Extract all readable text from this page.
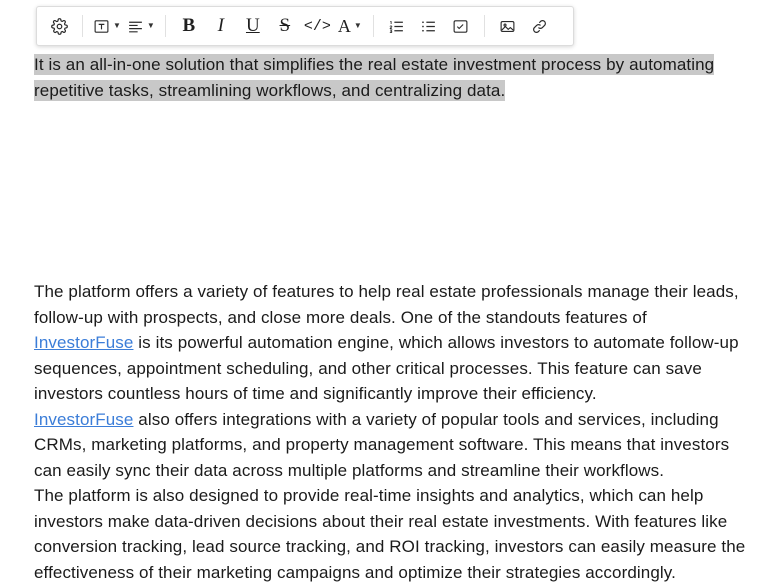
▼	▼ B I U S </> A ▼
It is an all-in-one solution that simplifies the real estate investment process by automating repetitive tasks, streamlining workflows, and centralizing data.

The platform offers a variety of features to help real estate professionals manage their leads, follow-up with prospects, and close more deals. One of the standouts features of InvestorFuse is its powerful automation engine, which allows investors to automate follow-up sequences, appointment scheduling, and other critical processes. This feature can save investors countless hours of time and significantly improve their efficiency.

InvestorFuse also offers integrations with a variety of popular tools and services, including CRMs, marketing platforms, and property management software. This means that investors can easily sync their data across multiple platforms and streamline their workflows.

The platform is also designed to provide real-time insights and analytics, which can help investors make data-driven decisions about their real estate investments. With features like conversion tracking, lead source tracking, and ROI tracking, investors can easily measure the effectiveness of their marketing campaigns and optimize their strategies accordingly.
